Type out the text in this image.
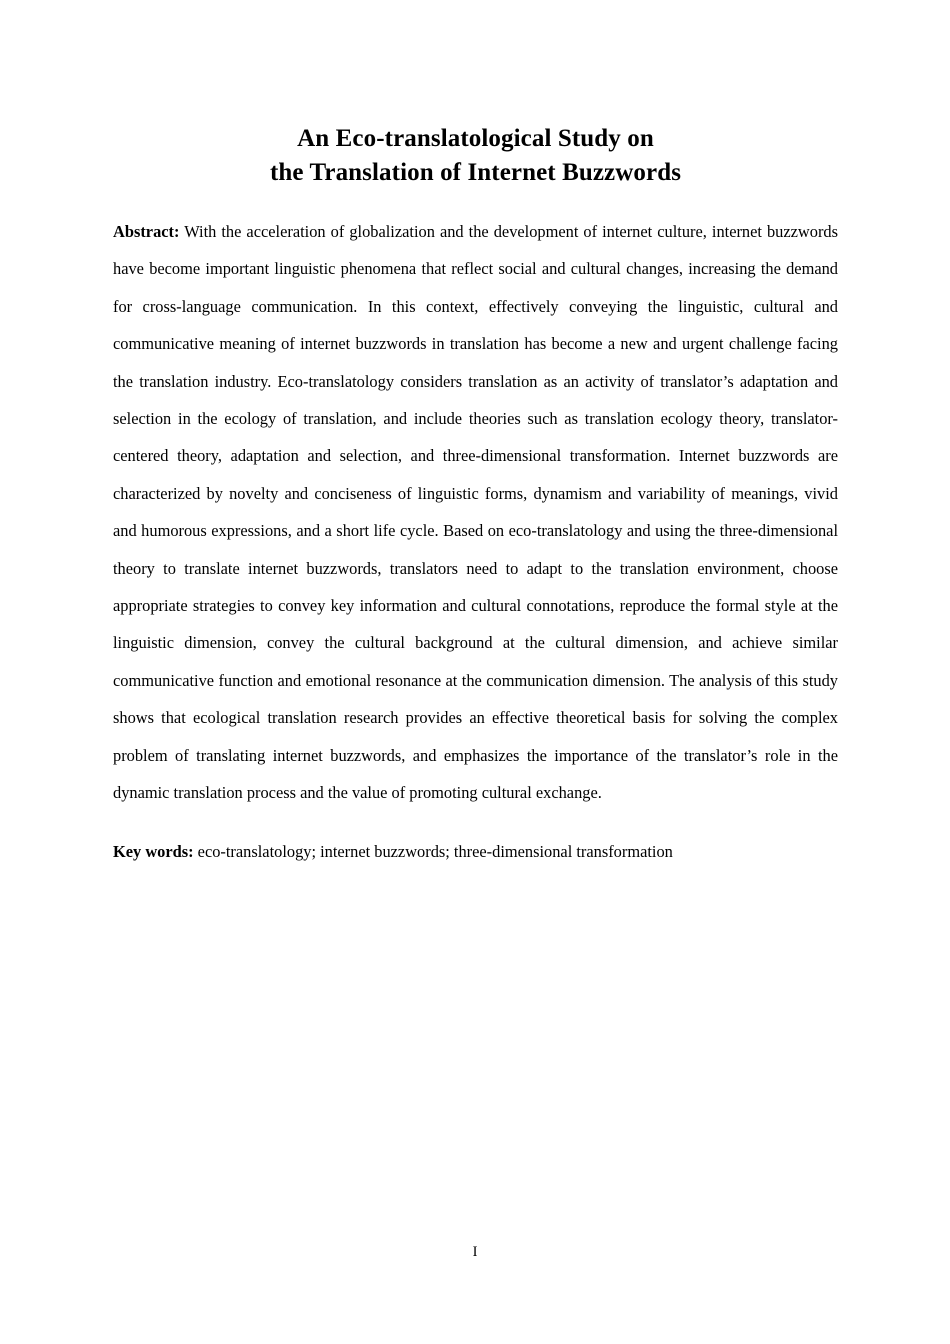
An Eco-translatological Study on
the Translation of Internet Buzzwords

Abstract: With the acceleration of globalization and the development of internet culture, internet buzzwords have become important linguistic phenomena that reflect social and cultural changes, increasing the demand for cross-language communication. In this context, effectively conveying the linguistic, cultural and communicative meaning of internet buzzwords in translation has become a new and urgent challenge facing the translation industry. Eco-translatology considers translation as an activity of translator’s adaptation and selection in the ecology of translation, and include theories such as translation ecology theory, translator-centered theory, adaptation and selection, and three-dimensional transformation. Internet buzzwords are characterized by novelty and conciseness of linguistic forms, dynamism and variability of meanings, vivid and humorous expressions, and a short life cycle. Based on eco-translatology and using the three-dimensional theory to translate internet buzzwords, translators need to adapt to the translation environment, choose appropriate strategies to convey key information and cultural connotations, reproduce the formal style at the linguistic dimension, convey the cultural background at the cultural dimension, and achieve similar communicative function and emotional resonance at the communication dimension. The analysis of this study shows that ecological translation research provides an effective theoretical basis for solving the complex problem of translating internet buzzwords, and emphasizes the importance of the translator’s role in the dynamic translation process and the value of promoting cultural exchange.

Key words: eco-translatology; internet buzzwords; three-dimensional transformation

I
